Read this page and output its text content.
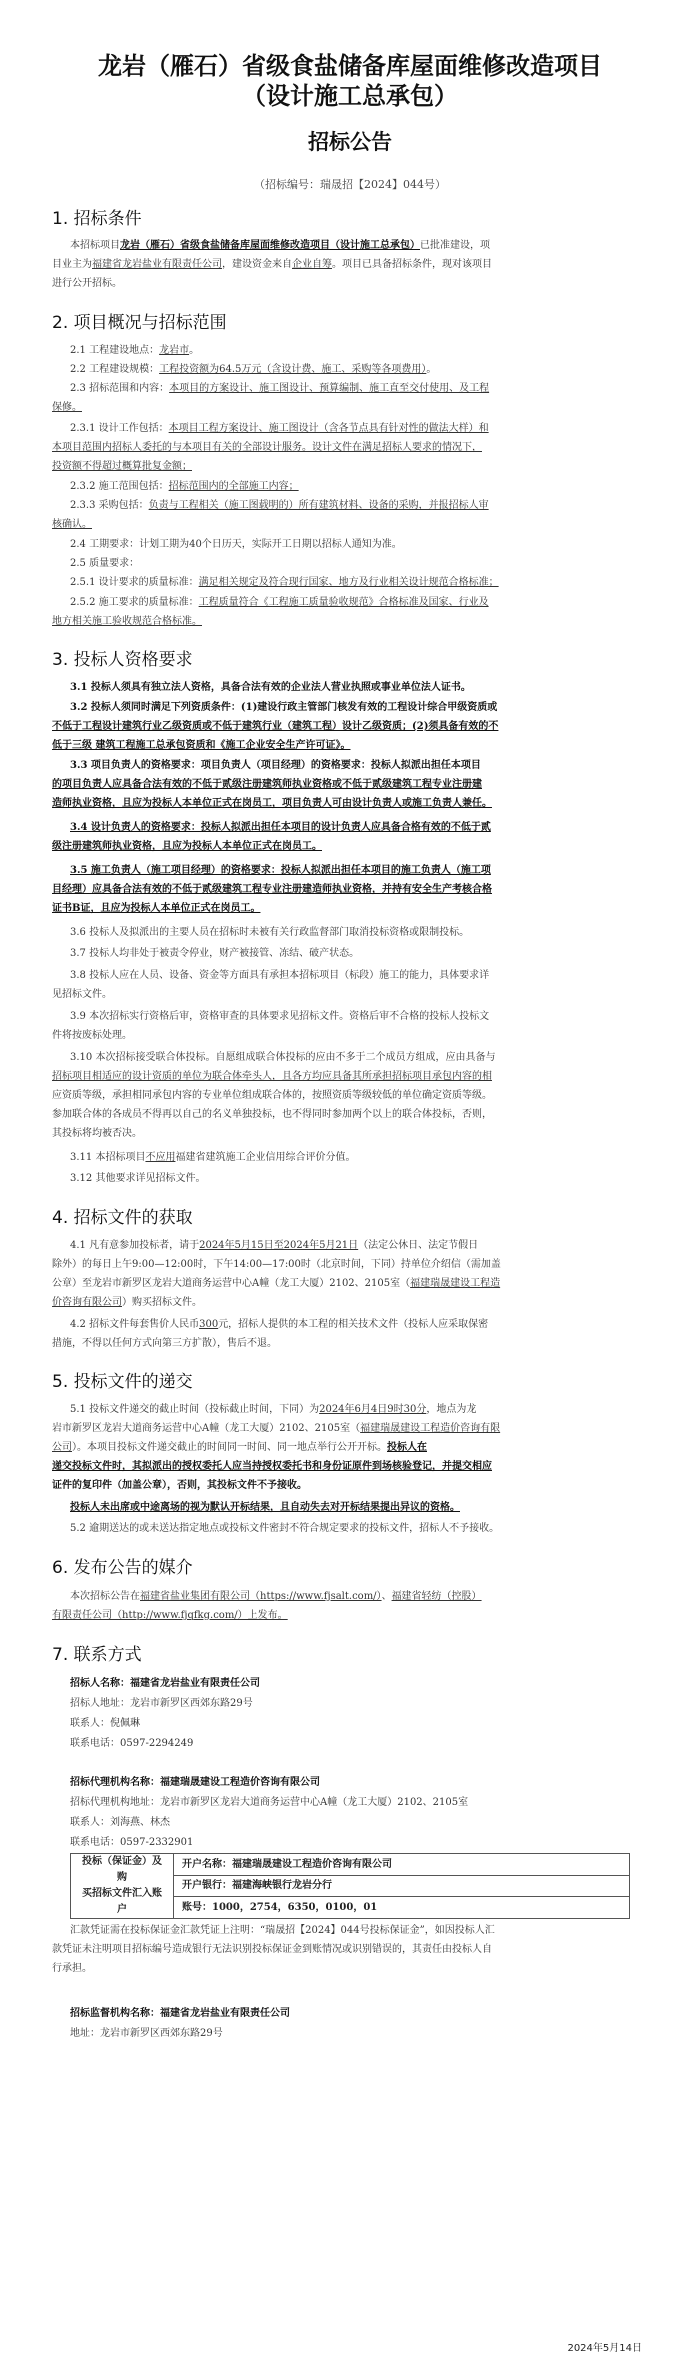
龙岩（雁石）省级食盐储备库屋面维修改造项目
（设计施工总承包）
招标公告
（招标编号：瑞晟招【2024】044号）
1. 招标条件

本招标项目龙岩（雁石）省级食盐储备库屋面维修改造项目（设计施工总承包）已批准建设，项

目业主为福建省龙岩盐业有限责任公司，建设资金来自企业自筹。项目已具备招标条件，现对该项目

进行公开招标。

2. 项目概况与招标范围

2.1 工程建设地点：龙岩市。

2.2 工程建设规模：工程投资额为64.5万元（含设计费、施工、采购等各项费用）。

2.3 招标范围和内容：本项目的方案设计、施工图设计、预算编制、施工直至交付使用、及工程

保修。

2.3.1 设计工作包括：本项目工程方案设计、施工图设计（含各节点具有针对性的做法大样）和

本项目范围内招标人委托的与本项目有关的全部设计服务。设计文件在满足招标人要求的情况下，

投资额不得超过概算批复金额；

2.3.2 施工范围包括：招标范围内的全部施工内容；

2.3.3 采购包括：负责与工程相关（施工图载明的）所有建筑材料、设备的采购，并报招标人审

核确认。

2.4 工期要求：计划工期为40个日历天，实际开工日期以招标人通知为准。

2.5 质量要求：

2.5.1 设计要求的质量标准：满足相关规定及符合现行国家、地方及行业相关设计规范合格标准；

2.5.2 施工要求的质量标准：工程质量符合《工程施工质量验收规范》合格标准及国家、行业及

地方相关施工验收规范合格标准。

3. 投标人资格要求

3.1 投标人须具有独立法人资格，具备合法有效的企业法人营业执照或事业单位法人证书。

3.2 投标人须同时满足下列资质条件：(1)建设行政主管部门核发有效的工程设计综合甲级资质或

不低于工程设计建筑行业乙级资质或不低于建筑行业（建筑工程）设计乙级资质；(2)须具备有效的不

低于三级 建筑工程施工总承包资质和《施工企业安全生产许可证》。

3.3 项目负责人的资格要求：项目负责人（项目经理）的资格要求：投标人拟派出担任本项目

的项目负责人应具备合法有效的不低于贰级注册建筑师执业资格或不低于贰级建筑工程专业注册建

造师执业资格，且应为投标人本单位正式在岗员工，项目负责人可由设计负责人或施工负责人兼任。

3.4 设计负责人的资格要求：投标人拟派出担任本项目的设计负责人应具备合格有效的不低于贰

级注册建筑师执业资格，且应为投标人本单位正式在岗员工。

3.5 施工负责人（施工项目经理）的资格要求：投标人拟派出担任本项目的施工负责人（施工项

目经理）应具备合法有效的不低于贰级建筑工程专业注册建造师执业资格，并持有安全生产考核合格

证书B证，且应为投标人本单位正式在岗员工。

3.6 投标人及拟派出的主要人员在招标时未被有关行政监督部门取消投标资格或限制投标。

3.7 投标人均非处于被责令停业，财产被接管、冻结、破产状态。

3.8 投标人应在人员、设备、资金等方面具有承担本招标项目（标段）施工的能力，具体要求详

见招标文件。

3.9 本次招标实行资格后审，资格审查的具体要求见招标文件。资格后审不合格的投标人投标文

件将按废标处理。

3.10 本次招标接受联合体投标。自愿组成联合体投标的应由不多于二个成员方组成，应由具备与

招标项目相适应的设计资质的单位为联合体牵头人，且各方均应具备其所承担招标项目承包内容的相

应资质等级，承担相同承包内容的专业单位组成联合体的，按照资质等级较低的单位确定资质等级。

参加联合体的各成员不得再以自己的名义单独投标，也不得同时参加两个以上的联合体投标，否则，

其投标将均被否决。

3.11 本招标项目不应用福建省建筑施工企业信用综合评价分值。

3.12 其他要求详见招标文件。

4. 招标文件的获取

4.1 凡有意参加投标者，请于2024年5月15日至2024年5月21日（法定公休日、法定节假日

除外）的每日上午9:00—12:00时，下午14:00—17:00时（北京时间，下同）持单位介绍信（需加盖

公章）至龙岩市新罗区龙岩大道商务运营中心A幢（龙工大厦）2102、2105室（福建瑞晟建设工程造

价咨询有限公司）购买招标文件。

4.2 招标文件每套售价人民币300元，招标人提供的本工程的相关技术文件（投标人应采取保密

措施，不得以任何方式向第三方扩散），售后不退。

5. 投标文件的递交

5.1 投标文件递交的截止时间（投标截止时间，下同）为2024年6月4日9时30分，地点为龙

岩市新罗区龙岩大道商务运营中心A幢（龙工大厦）2102、2105室（福建瑞晟建设工程造价咨询有限

公司）。本项目投标文件递交截止的时间同一时间、同一地点举行公开开标。投标人在

递交投标文件时，其拟派出的授权委托人应当持授权委托书和身份证原件到场核验登记，并提交相应

证件的复印件（加盖公章），否则，其投标文件不予接收。

投标人未出席或中途离场的视为默认开标结果，且自动失去对开标结果提出异议的资格。

5.2 逾期送达的或未送达指定地点或投标文件密封不符合规定要求的投标文件，招标人不予接收。

6. 发布公告的媒介

本次招标公告在福建省盐业集团有限公司（https://www.fjsalt.com/）、福建省轻纺（控股）

有限责任公司（http://www.fjqfkg.com/）上发布。

7. 联系方式

招标人名称：福建省龙岩盐业有限责任公司

招标人地址：龙岩市新罗区西郊东路29号

联系人：倪佩琳

联系电话：0597-2294249

招标代理机构名称：福建瑞晟建设工程造价咨询有限公司

招标代理机构地址：龙岩市新罗区龙岩大道商务运营中心A幢（龙工大厦）2102、2105室

联系人：刘海燕、林杰

联系电话：0597-2332901

投标（保证金）及购
买招标文件汇入账户	开户名称：福建瑞晟建设工程造价咨询有限公司
开户银行：福建海峡银行龙岩分行
账号：1000，2754，6350，0100，01

汇款凭证需在投标保证金汇款凭证上注明：“瑞晟招【2024】044号投标保证金”，如因投标人汇

款凭证未注明项目招标编号造成银行无法识别投标保证金到账情况或识别错误的，其责任由投标人自

行承担。

招标监督机构名称：福建省龙岩盐业有限责任公司

地址：龙岩市新罗区西郊东路29号

2024年5月14日
